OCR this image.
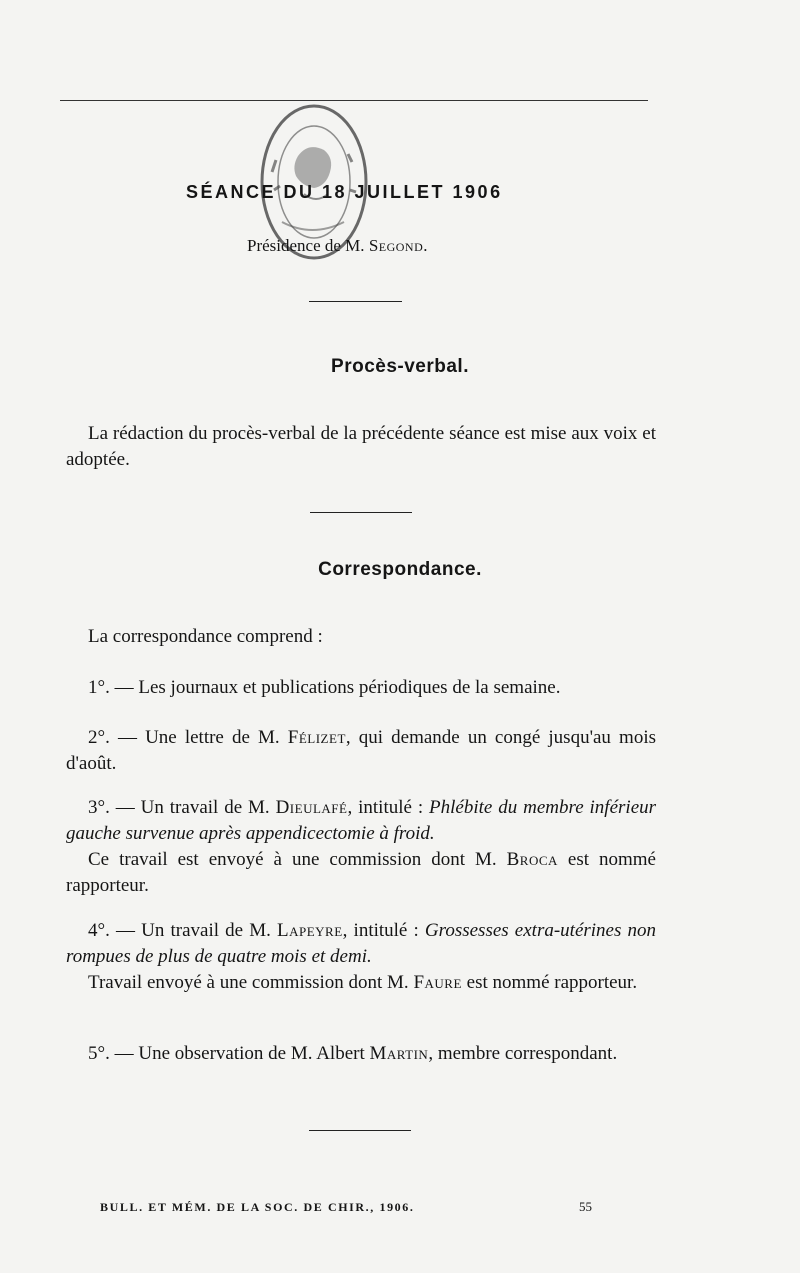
SÉANCE DU 18 JUILLET 1906
Présidence de M. Segond.
Procès-verbal.
La rédaction du procès-verbal de la précédente séance est mise aux voix et adoptée.
Correspondance.
La correspondance comprend :
1°. — Les journaux et publications périodiques de la semaine.
2°. — Une lettre de M. Félizet, qui demande un congé jusqu'au mois d'août.
3°. — Un travail de M. Dieulafé, intitulé : Phlébite du membre inférieur gauche survenue après appendicectomie à froid.
Ce travail est envoyé à une commission dont M. Broca est nommé rapporteur.
4°. — Un travail de M. Lapeyre, intitulé : Grossesses extra-utérines non rompues de plus de quatre mois et demi.
Travail envoyé à une commission dont M. Faure est nommé rapporteur.
5°. — Une observation de M. Albert Martin, membre correspondant.
BULL. ET MÉM. DE LA SOC. DE CHIR., 1906.	55
